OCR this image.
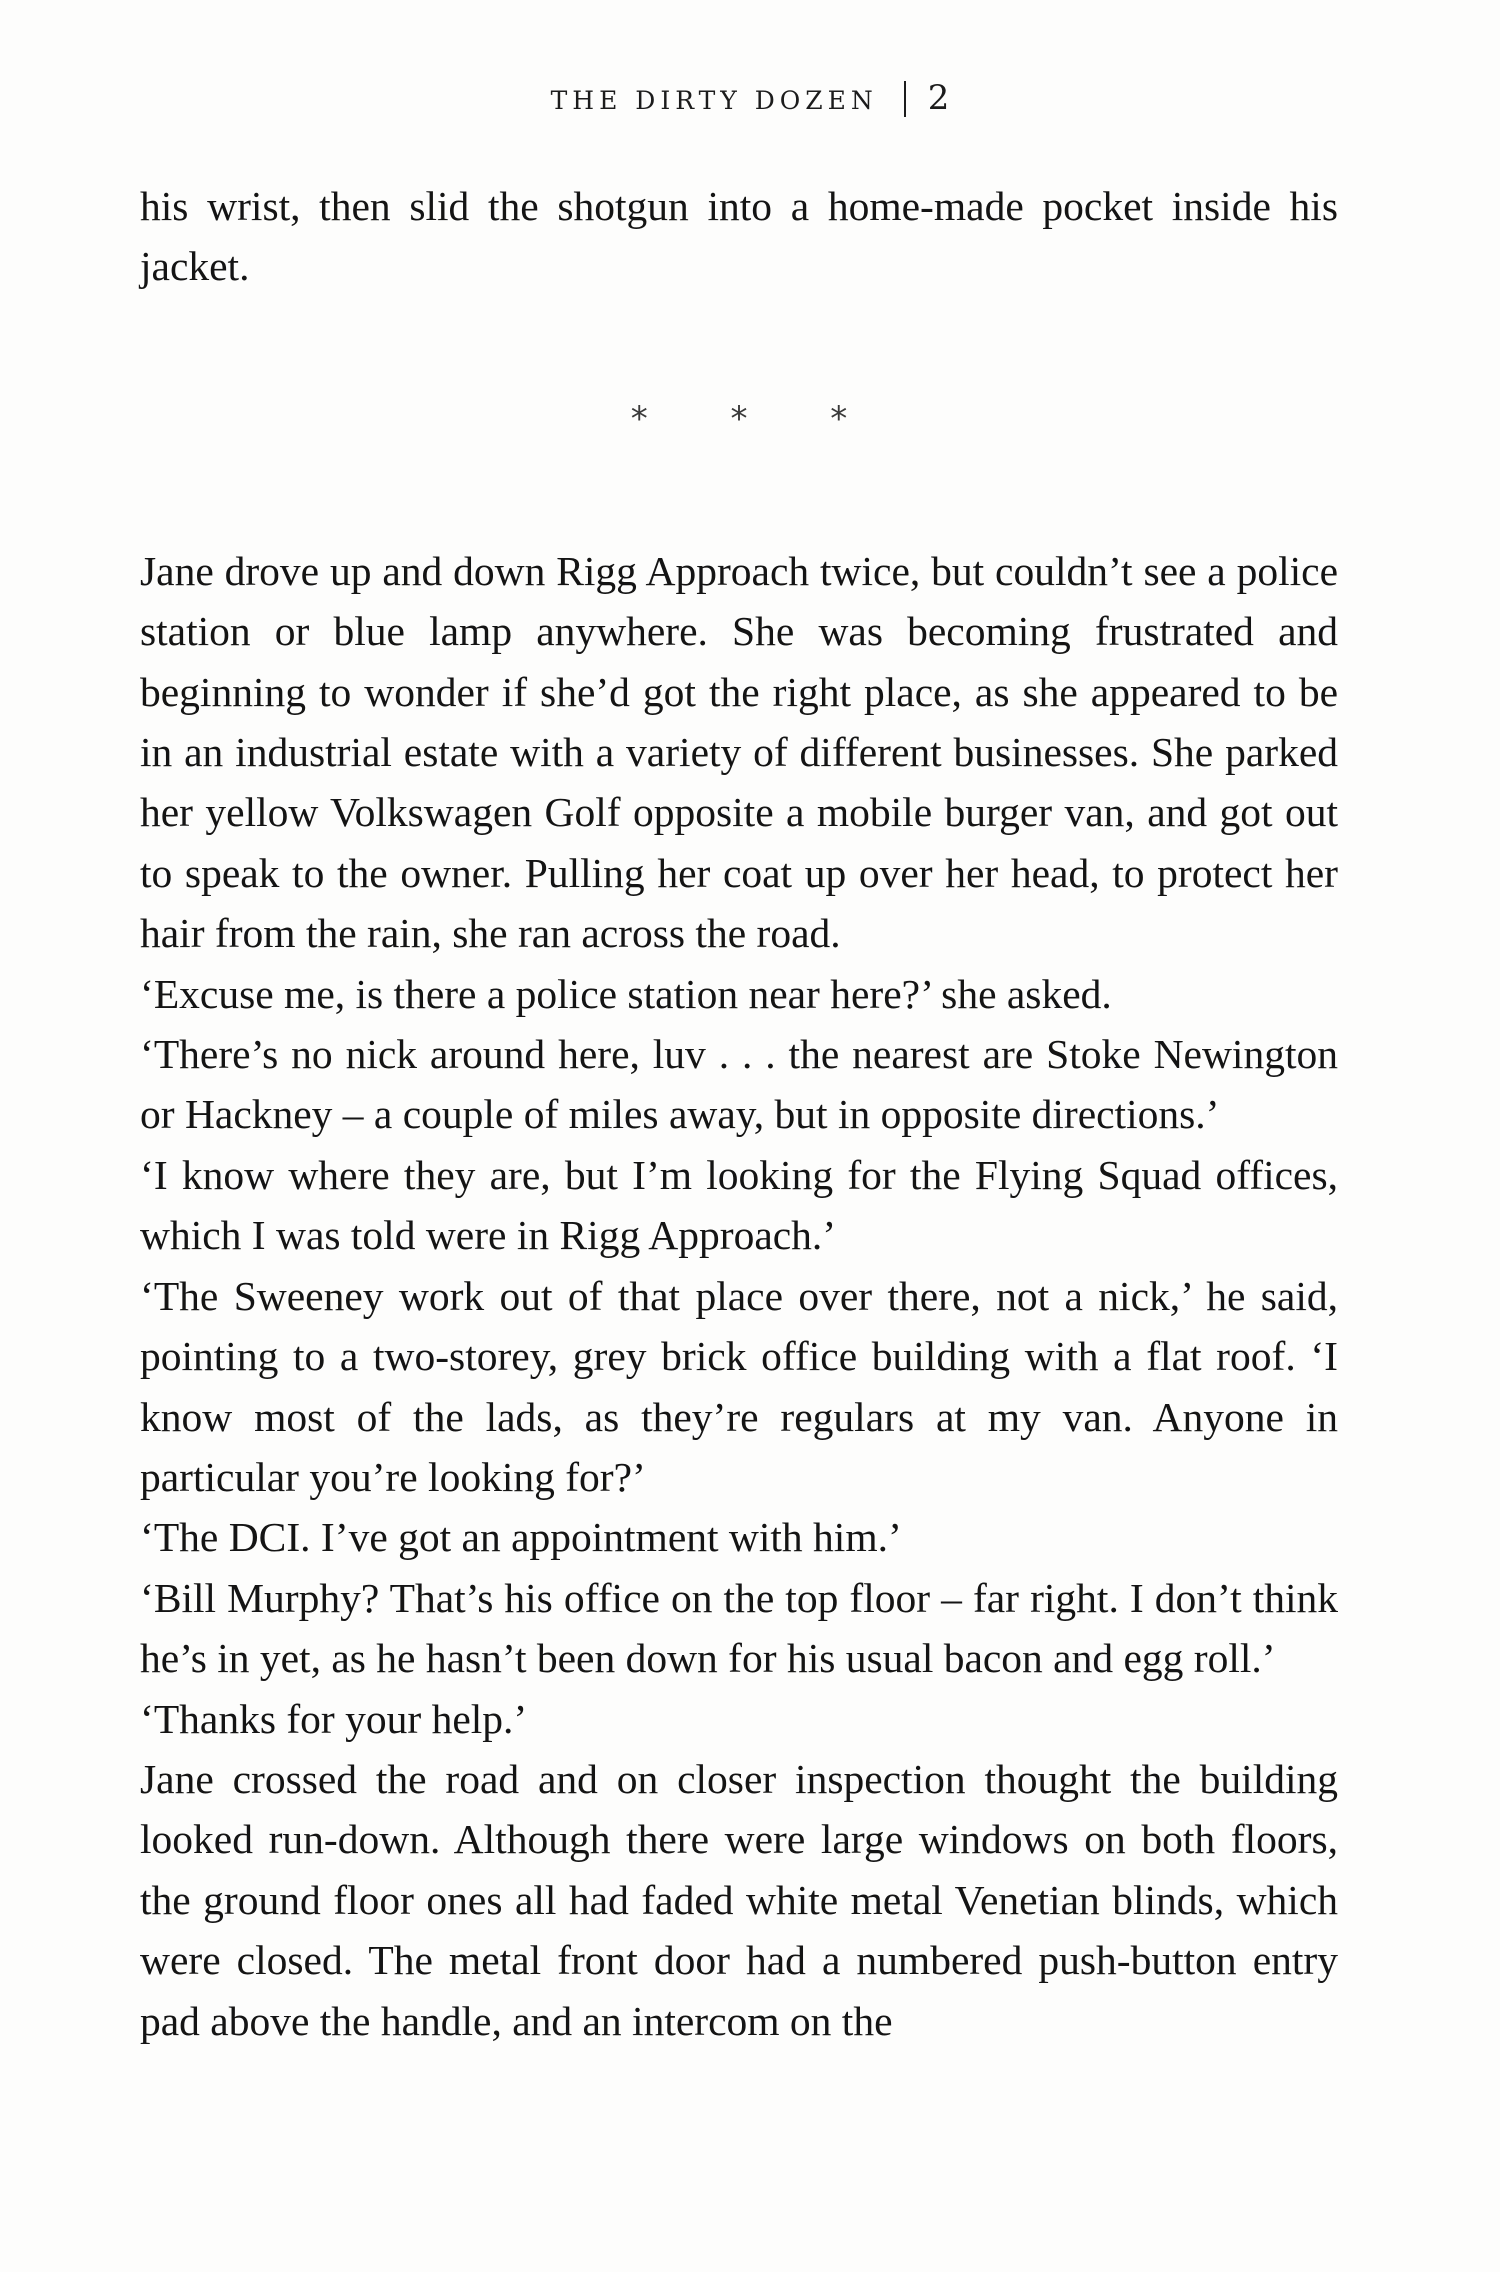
THE DIRTY DOZEN 2

his wrist, then slid the shotgun into a home-made pocket inside his jacket.

* * *

Jane drove up and down Rigg Approach twice, but couldn’t see a police station or blue lamp anywhere. She was becoming frustrated and beginning to wonder if she’d got the right place, as she appeared to be in an industrial estate with a variety of different businesses. She parked her yellow Volkswagen Golf opposite a mobile burger van, and got out to speak to the owner. Pulling her coat up over her head, to protect her hair from the rain, she ran across the road.

‘Excuse me, is there a police station near here?’ she asked.

‘There’s no nick around here, luv . . . the nearest are Stoke Newington or Hackney – a couple of miles away, but in opposite directions.’

‘I know where they are, but I’m looking for the Flying Squad offices, which I was told were in Rigg Approach.’

‘The Sweeney work out of that place over there, not a nick,’ he said, pointing to a two-storey, grey brick office building with a flat roof. ‘I know most of the lads, as they’re regulars at my van. Anyone in particular you’re looking for?’

‘The DCI. I’ve got an appointment with him.’

‘Bill Murphy? That’s his office on the top floor – far right. I don’t think he’s in yet, as he hasn’t been down for his usual bacon and egg roll.’

‘Thanks for your help.’

Jane crossed the road and on closer inspection thought the building looked run-down. Although there were large windows on both floors, the ground floor ones all had faded white metal Venetian blinds, which were closed. The metal front door had a numbered push-button entry pad above the handle, and an intercom on the
